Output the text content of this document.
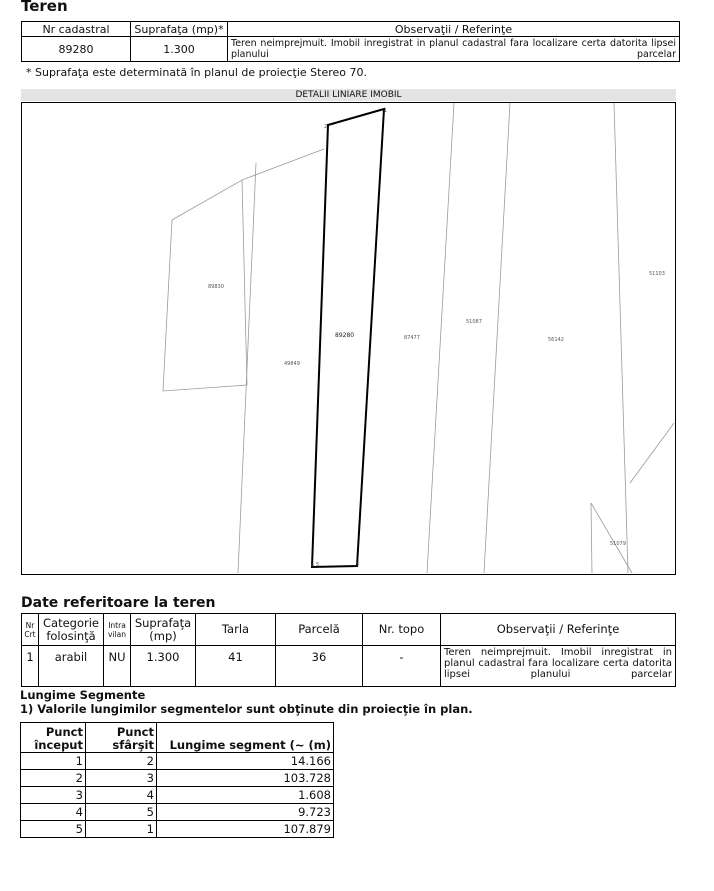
Teren
Nr cadastral	Suprafaţa (mp)*	Observaţii / Referinţe
89280	1.300	Teren neimprejmuit. Imobil inregistrat in planul cadastral fara localizare certa datorita lipsei planului parcelar
* Suprafaţa este determinată în planul de proiecţie Stereo 70.
DETALII LINIARE IMOBIL
89830
49849
87477
51087
56142
51103
51079
89280
1
2
3
4 5
Date referitoare la teren
Nr Crt	Categorie folosinţă	Intra vilan	Suprafaţa (mp)	Tarla	Parcelă	Nr. topo	Observaţii / Referinţe
1	arabil	NU	1.300	41	36	-	Teren neimprejmuit. Imobil inregistrat in planul cadastral fara localizare certa datorita lipsei planului parcelar
Lungime Segmente
1) Valorile lungimilor segmentelor sunt obţinute din proiecţie în plan.
Punct început	Punct sfârşit	Lungime segment (~ (m)
1	2	14.166
2	3	103.728
3	4	1.608
4	5	9.723
5	1	107.879
